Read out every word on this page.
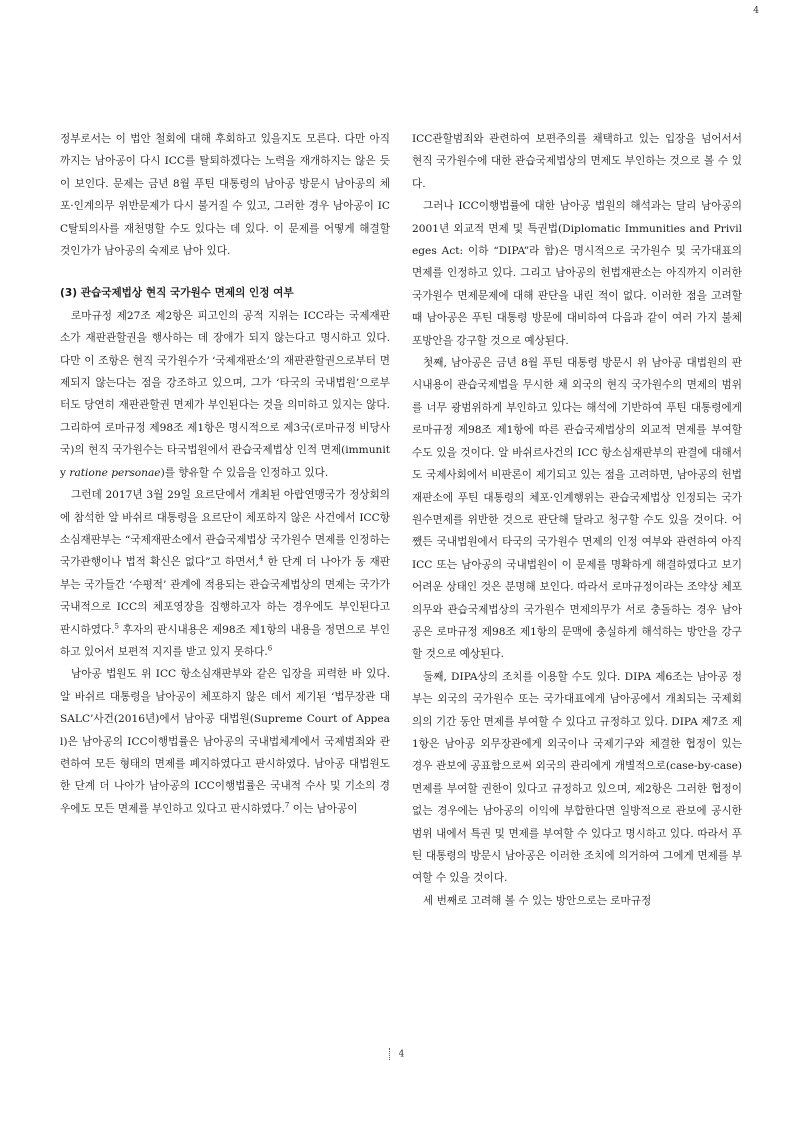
4

정부로서는 이 법안 철회에 대해 후회하고 있을지도 모른다. 다만 아직까지는 남아공이 다시 ICC를 탈퇴하겠다는 노력을 재개하지는 않은 듯이 보인다. 문제는 금년 8월 푸틴 대통령의 남아공 방문시 남아공의 체포·인계의무 위반문제가 다시 불거질 수 있고, 그러한 경우 남아공이 ICC탈퇴의사를 재천명할 수도 있다는 데 있다. 이 문제를 어떻게 해결할 것인가가 남아공의 숙제로 남아 있다.

(3) 관습국제법상 현직 국가원수 면제의 인정 여부

로마규정 제27조 제2항은 피고인의 공적 지위는 ICC라는 국제재판소가 재판관할권을 행사하는 데 장애가 되지 않는다고 명시하고 있다. 다만 이 조항은 현직 국가원수가 ‘국제재판소’의 재판관할권으로부터 면제되지 않는다는 점을 강조하고 있으며, 그가 ‘타국의 국내법원’으로부터도 당연히 재판관할권 면제가 부인된다는 것을 의미하고 있지는 않다. 그리하여 로마규정 제98조 제1항은 명시적으로 제3국(로마규정 비당사국)의 현직 국가원수는 타국법원에서 관습국제법상 인적 면제(immunity ratione personae)를 향유할 수 있음을 인정하고 있다.

그런데 2017년 3월 29일 요르단에서 개최된 아랍연맹국가 정상회의에 참석한 알 바쉬르 대통령을 요르단이 체포하지 않은 사건에서 ICC항소심재판부는 “국제재판소에서 관습국제법상 국가원수 면제를 인정하는 국가관행이나 법적 확신은 없다”고 하면서,$^4$ 한 단계 더 나아가 동 재판부는 국가들간 ‘수평적’ 관계에 적용되는 관습국제법상의 면제는 국가가 국내적으로 ICC의 체포영장을 집행하고자 하는 경우에도 부인된다고 판시하였다.$^5$ 후자의 판시내용은 제98조 제1항의 내용을 정면으로 부인하고 있어서 보편적 지지를 받고 있지 못하다.$^6$

남아공 법원도 위 ICC 항소심재판부와 같은 입장을 피력한 바 있다. 알 바쉬르 대통령을 남아공이 체포하지 않은 데서 제기된 ‘법무장관 대 SALC’사건(2016년)에서 남아공 대법원(Supreme Court of Appeal)은 남아공의 ICC이행법률은 남아공의 국내법체계에서 국제범죄와 관련하여 모든 형태의 면제를 폐지하였다고 판시하였다. 남아공 대법원도 한 단계 더 나아가 남아공의 ICC이행법률은 국내적 수사 및 기소의 경우에도 모든 면제를 부인하고 있다고 판시하였다.$^7$ 이는 남아공이

ICC관할범죄와 관련하여 보편주의를 채택하고 있는 입장을 넘어서서 현직 국가원수에 대한 관습국제법상의 면제도 부인하는 것으로 볼 수 있다.

그러나 ICC이행법률에 대한 남아공 법원의 해석과는 달리 남아공의 2001년 외교적 면제 및 특권법(Diplomatic Immunities and Privileges Act: 이하 “DIPA”라 함)은 명시적으로 국가원수 및 국가대표의 면제를 인정하고 있다. 그리고 남아공의 헌법재판소는 아직까지 이러한 국가원수 면제문제에 대해 판단을 내린 적이 없다. 이러한 점을 고려할 때 남아공은 푸틴 대통령 방문에 대비하여 다음과 같이 여러 가지 불체포방안을 강구할 것으로 예상된다.

첫째, 남아공은 금년 8월 푸틴 대통령 방문시 위 남아공 대법원의 판시내용이 관습국제법을 무시한 채 외국의 현직 국가원수의 면제의 범위를 너무 광범위하게 부인하고 있다는 해석에 기반하여 푸틴 대통령에게 로마규정 제98조 제1항에 따른 관습국제법상의 외교적 면제를 부여할 수도 있을 것이다. 알 바쉬르사건의 ICC 항소심재판부의 판결에 대해서도 국제사회에서 비판론이 제기되고 있는 점을 고려하면, 남아공의 헌법재판소에 푸틴 대통령의 체포·인계행위는 관습국제법상 인정되는 국가원수면제를 위반한 것으로 판단해 달라고 청구할 수도 있을 것이다. 어쨌든 국내법원에서 타국의 국가원수 면제의 인정 여부와 관련하여 아직 ICC 또는 남아공의 국내법원이 이 문제를 명확하게 해결하였다고 보기 어려운 상태인 것은 분명해 보인다. 따라서 로마규정이라는 조약상 체포의무와 관습국제법상의 국가원수 면제의무가 서로 충돌하는 경우 남아공은 로마규정 제98조 제1항의 문맥에 충실하게 해석하는 방안을 강구할 것으로 예상된다.

둘째, DIPA상의 조치를 이용할 수도 있다. DIPA 제6조는 남아공 정부는 외국의 국가원수 또는 국가대표에게 남아공에서 개최되는 국제회의의 기간 동안 면제를 부여할 수 있다고 규정하고 있다. DIPA 제7조 제1항은 남아공 외무장관에게 외국이나 국제기구와 체결한 협정이 있는 경우 관보에 공표함으로써 외국의 관리에게 개별적으로(case-by-case) 면제를 부여할 권한이 있다고 규정하고 있으며, 제2항은 그러한 협정이 없는 경우에는 남아공의 이익에 부합한다면 일방적으로 관보에 공시한 범위 내에서 특권 및 면제를 부여할 수 있다고 명시하고 있다. 따라서 푸틴 대통령의 방문시 남아공은 이러한 조치에 의거하여 그에게 면제를 부여할 수 있을 것이다.

세 번째로 고려해 볼 수 있는 방안으로는 로마규정

4
